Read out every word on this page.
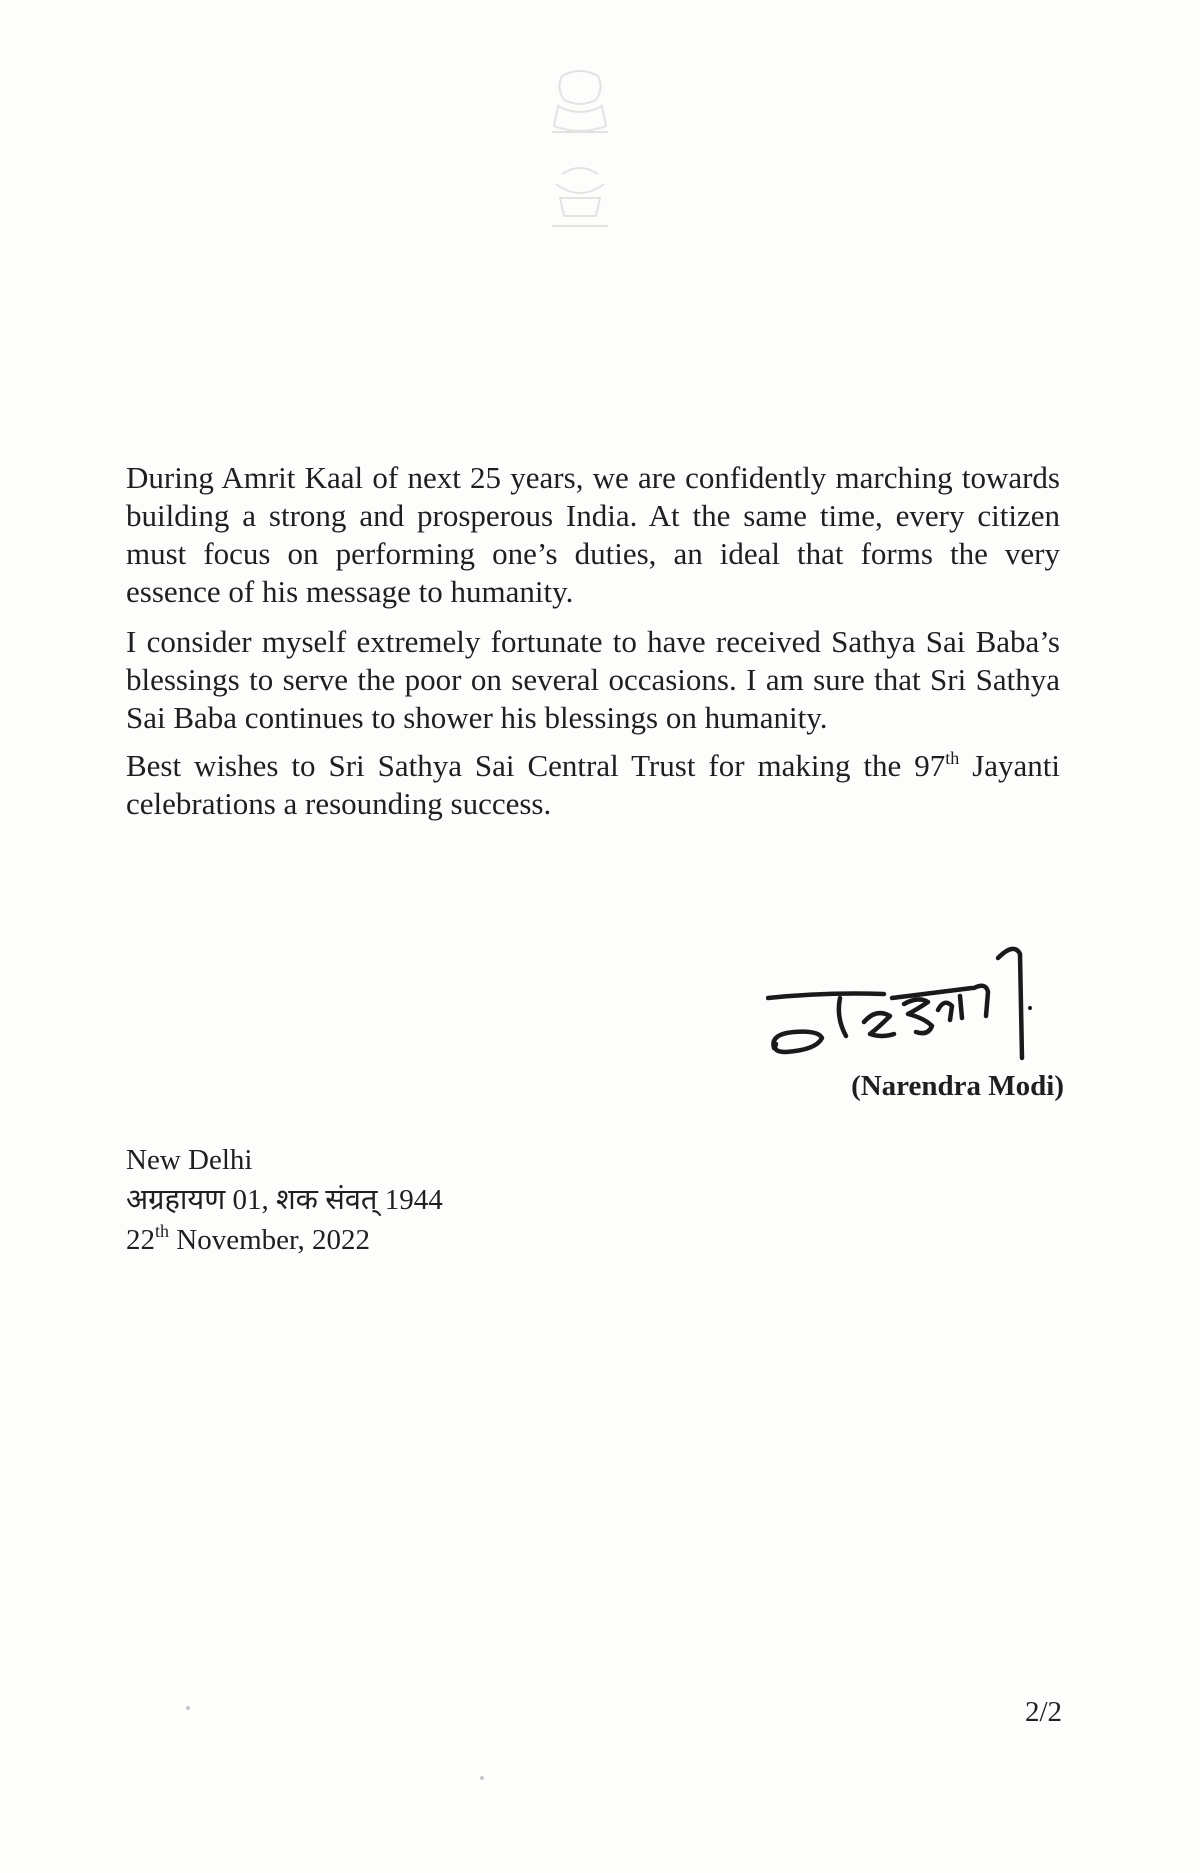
During Amrit Kaal of next 25 years, we are confidently marching towards building a strong and prosperous India. At the same time, every citizen must focus on performing one’s duties, an ideal that forms the very essence of his message to humanity.

I consider myself extremely fortunate to have received Sathya Sai Baba’s blessings to serve the poor on several occasions. I am sure that Sri Sathya Sai Baba continues to shower his blessings on humanity.

Best wishes to Sri Sathya Sai Central Trust for making the 97th Jayanti celebrations a resounding success.

(Narendra Modi)
New Delhi
अग्रहायण 01, शक संवत् 1944
22th November, 2022
2/2
